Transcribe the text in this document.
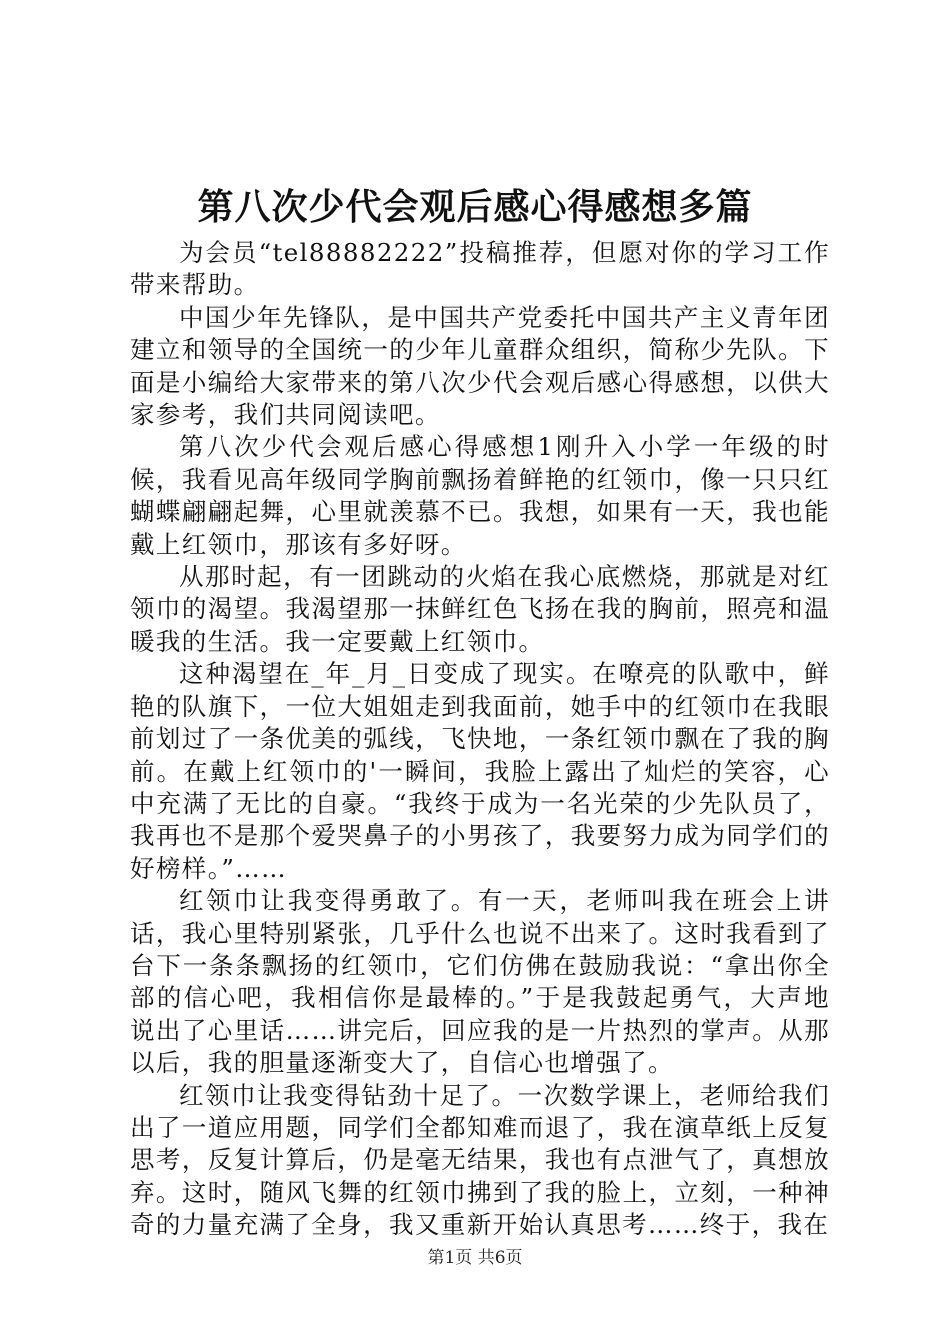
第八次少代会观后感心得感想多篇

为会员“tel88882222”投稿推荐，但愿对你的学习工作带来帮助。

中国少年先锋队，是中国共产党委托中国共产主义青年团建立和领导的全国统一的少年儿童群众组织，简称少先队。下面是小编给大家带来的第八次少代会观后感心得感想，以供大家参考，我们共同阅读吧。

第八次少代会观后感心得感想1刚升入小学一年级的时候，我看见高年级同学胸前飘扬着鲜艳的红领巾，像一只只红蝴蝶翩翩起舞，心里就羡慕不已。我想，如果有一天，我也能戴上红领巾，那该有多好呀。

从那时起，有一团跳动的火焰在我心底燃烧，那就是对红领巾的渴望。我渴望那一抹鲜红色飞扬在我的胸前，照亮和温暖我的生活。我一定要戴上红领巾。

这种渴望在_年_月_日变成了现实。在嘹亮的队歌中，鲜艳的队旗下，一位大姐姐走到我面前，她手中的红领巾在我眼前划过了一条优美的弧线，飞快地，一条红领巾飘在了我的胸前。在戴上红领巾的'一瞬间，我脸上露出了灿烂的笑容，心中充满了无比的自豪。“我终于成为一名光荣的少先队员了，我再也不是那个爱哭鼻子的小男孩了，我要努力成为同学们的好榜样。”……

红领巾让我变得勇敢了。有一天，老师叫我在班会上讲话，我心里特别紧张，几乎什么也说不出来了。这时我看到了台下一条条飘扬的红领巾，它们仿佛在鼓励我说：“拿出你全部的信心吧，我相信你是最棒的。”于是我鼓起勇气，大声地说出了心里话……讲完后，回应我的是一片热烈的掌声。从那以后，我的胆量逐渐变大了，自信心也增强了。

红领巾让我变得钻劲十足了。一次数学课上，老师给我们出了一道应用题，同学们全都知难而退了，我在演草纸上反复思考，反复计算后，仍是毫无结果，我也有点泄气了，真想放弃。这时，随风飞舞的红领巾拂到了我的脸上，立刻，一种神奇的力量充满了全身，我又重新开始认真思考……终于，我在

第1页 共6页
